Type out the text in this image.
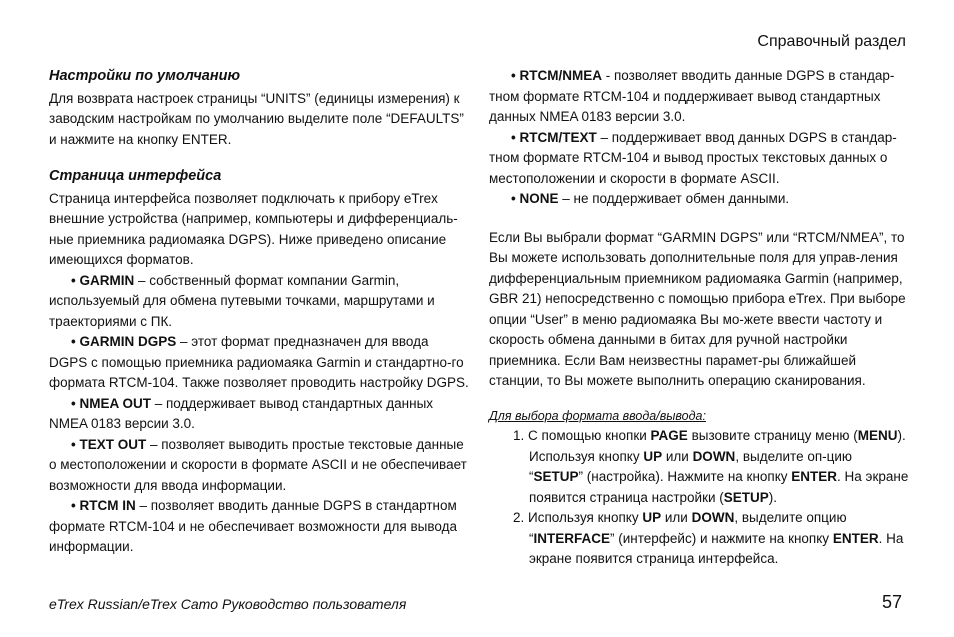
Справочный раздел

Настройки по умолчанию

Для возврата настроек страницы “UNITS” (единицы измерения) к заводским настройкам по умолчанию выделите поле “DEFAULTS” и нажмите на кнопку ENTER.

Страница интерфейса

Страница интерфейса позволяет подключать к прибору eTrex внешние устройства (например, компьютеры и дифференциаль-ные приемника радиомаяка DGPS). Ниже приведено описание имеющихся форматов.

• GARMIN – собственный формат компании Garmin, используемый для обмена путевыми точками, маршрутами и траекториями с ПК.

• GARMIN DGPS – этот формат предназначен для ввода DGPS с помощью приемника радиомаяка Garmin и стандартно-го формата RTCM-104. Также позволяет проводить настройку DGPS.

• NMEA OUT – поддерживает вывод стандартных данных NMEA 0183 версии 3.0.

• TEXT OUT – позволяет выводить простые текстовые данные о местоположении и скорости в формате ASCII и не обеспечивает возможности для ввода информации.

• RTCM IN – позволяет вводить данные DGPS в стандартном формате RTCM-104 и не обеспечивает возможности для вывода информации.

• RTCM/NMEA - позволяет вводить данные DGPS в стандар-тном формате RTCM-104 и поддерживает вывод стандартных данных NMEA 0183 версии 3.0.

• RTCM/TEXT – поддерживает ввод данных DGPS в стандар-тном формате RTCM-104 и вывод простых текстовых данных о местоположении и скорости в формате ASCII.

• NONE – не поддерживает обмен данными.

Если Вы выбрали формат “GARMIN DGPS” или “RTCM/NMEA”, то Вы можете использовать дополнительные поля для управ-ления дифференциальным приемником радиомаяка Garmin (например, GBR 21) непосредственно с помощью прибора eTrex. При выборе опции “User” в меню радиомаяка Вы мо-жете ввести частоту и скорость обмена данными в битах для ручной настройки приемника. Если Вам неизвестны парамет-ры ближайшей станции, то Вы можете выполнить операцию сканирования.

Для выбора формата ввода/вывода:

1. С помощью кнопки PAGE вызовите страницу меню (MENU). Используя кнопку UP или DOWN, выделите оп-цию “SETUP” (настройка). Нажмите на кнопку ENTER. На экране появится страница настройки (SETUP).

2. Используя кнопку UP или DOWN, выделите опцию “INTERFACE” (интерфейс) и нажмите на кнопку ENTER. На экране появится страница интерфейса.

eTrex Russian/eTrex Camo Руководство пользователя	57
